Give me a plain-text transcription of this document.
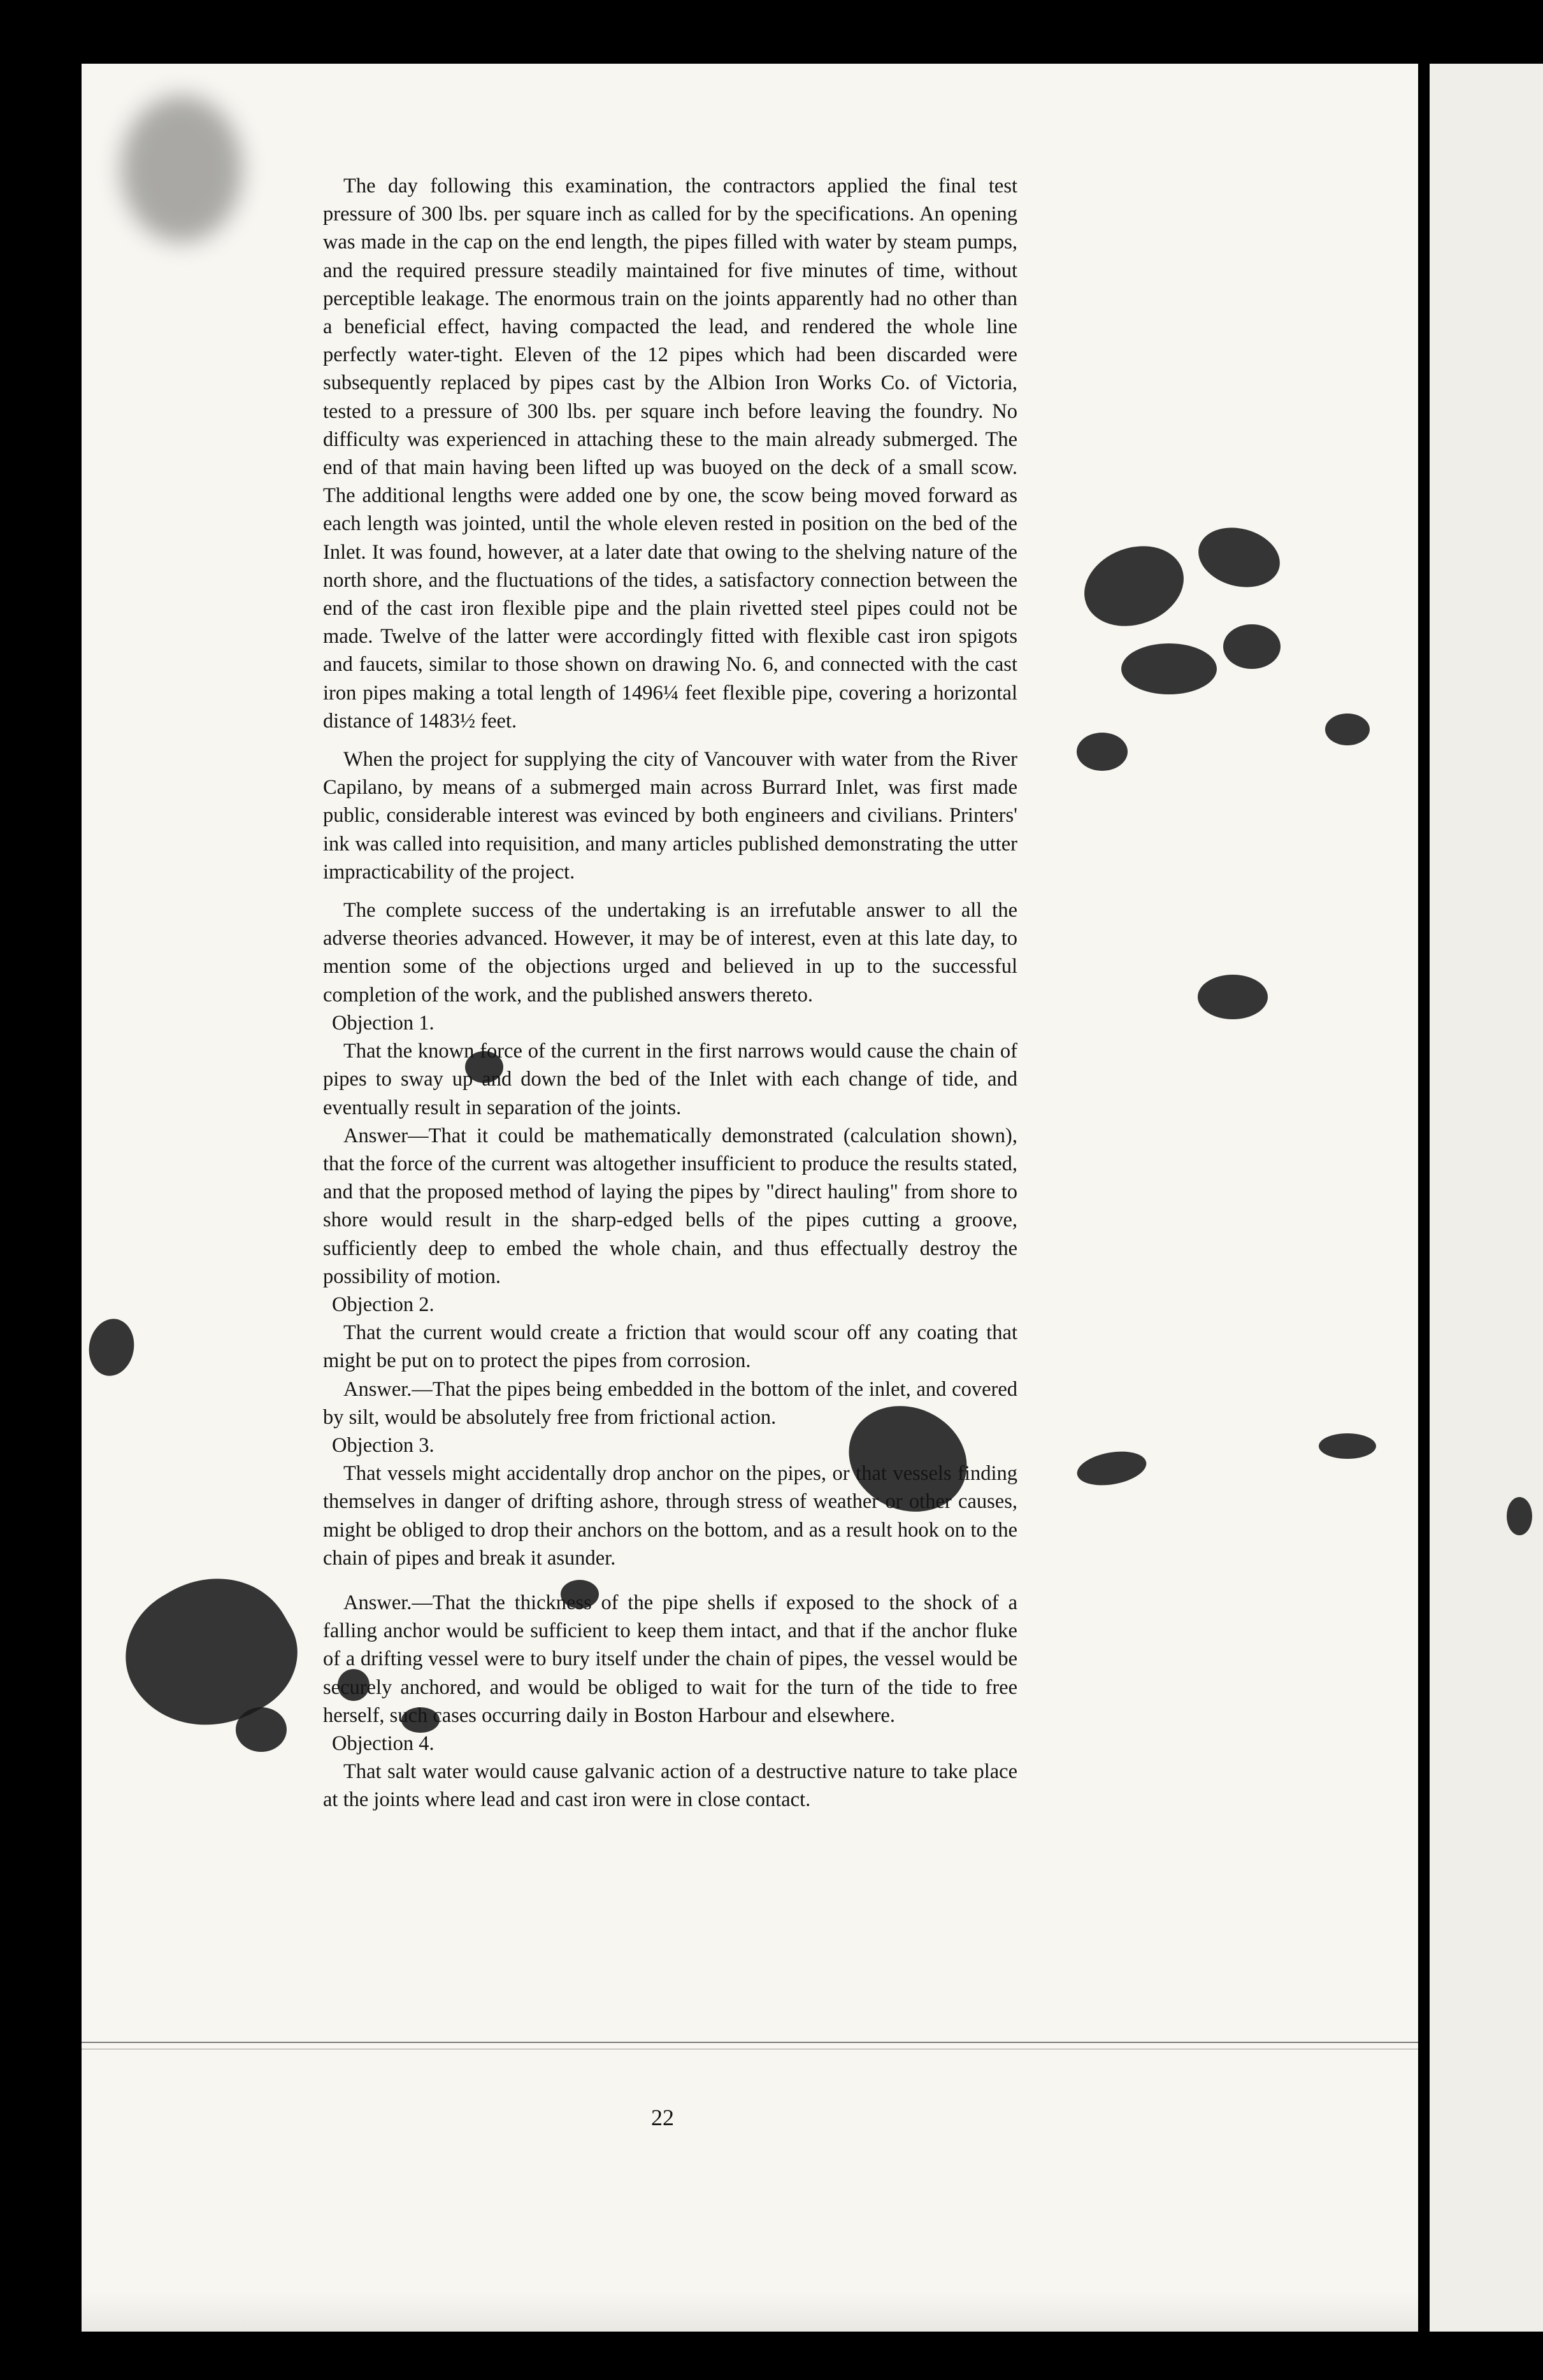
The day following this examination, the contractors applied the final test pressure of 300 lbs. per square inch as called for by the specifications. An opening was made in the cap on the end length, the pipes filled with water by steam pumps, and the required pressure steadily maintained for five minutes of time, without perceptible leakage. The enormous train on the joints apparently had no other than a beneficial effect, having compacted the lead, and rendered the whole line perfectly water-tight. Eleven of the 12 pipes which had been discarded were subsequently replaced by pipes cast by the Albion Iron Works Co. of Victoria, tested to a pressure of 300 lbs. per square inch before leaving the foundry. No difficulty was experienced in attaching these to the main already submerged. The end of that main having been lifted up was buoyed on the deck of a small scow. The additional lengths were added one by one, the scow being moved forward as each length was jointed, until the whole eleven rested in position on the bed of the Inlet. It was found, however, at a later date that owing to the shelving nature of the north shore, and the fluctuations of the tides, a satisfactory connection between the end of the cast iron flexible pipe and the plain rivetted steel pipes could not be made. Twelve of the latter were accordingly fitted with flexible cast iron spigots and faucets, similar to those shown on drawing No. 6, and connected with the cast iron pipes making a total length of 1496¼ feet flexible pipe, covering a horizontal distance of 1483½ feet.

When the project for supplying the city of Vancouver with water from the River Capilano, by means of a submerged main across Burrard Inlet, was first made public, considerable interest was evinced by both engineers and civilians. Printers' ink was called into requisition, and many articles published demonstrating the utter impracticability of the project.

The complete success of the undertaking is an irrefutable answer to all the adverse theories advanced. However, it may be of interest, even at this late day, to mention some of the objections urged and believed in up to the successful completion of the work, and the published answers thereto.

Objection 1.

That the known force of the current in the first narrows would cause the chain of pipes to sway up and down the bed of the Inlet with each change of tide, and eventually result in separation of the joints.

Answer—That it could be mathematically demonstrated (calculation shown), that the force of the current was altogether insufficient to produce the results stated, and that the proposed method of laying the pipes by "direct hauling" from shore to shore would result in the sharp-edged bells of the pipes cutting a groove, sufficiently deep to embed the whole chain, and thus effectually destroy the possibility of motion.

Objection 2.

That the current would create a friction that would scour off any coating that might be put on to protect the pipes from corrosion.

Answer.—That the pipes being embedded in the bottom of the inlet, and covered by silt, would be absolutely free from frictional action.

Objection 3.

That vessels might accidentally drop anchor on the pipes, or that vessels finding themselves in danger of drifting ashore, through stress of weather or other causes, might be obliged to drop their anchors on the bottom, and as a result hook on to the chain of pipes and break it asunder.

Answer.—That the thickness of the pipe shells if exposed to the shock of a falling anchor would be sufficient to keep them intact, and that if the anchor fluke of a drifting vessel were to bury itself under the chain of pipes, the vessel would be securely anchored, and would be obliged to wait for the turn of the tide to free herself, such cases occurring daily in Boston Harbour and elsewhere.

Objection 4.

That salt water would cause galvanic action of a destructive nature to take place at the joints where lead and cast iron were in close contact.

22
